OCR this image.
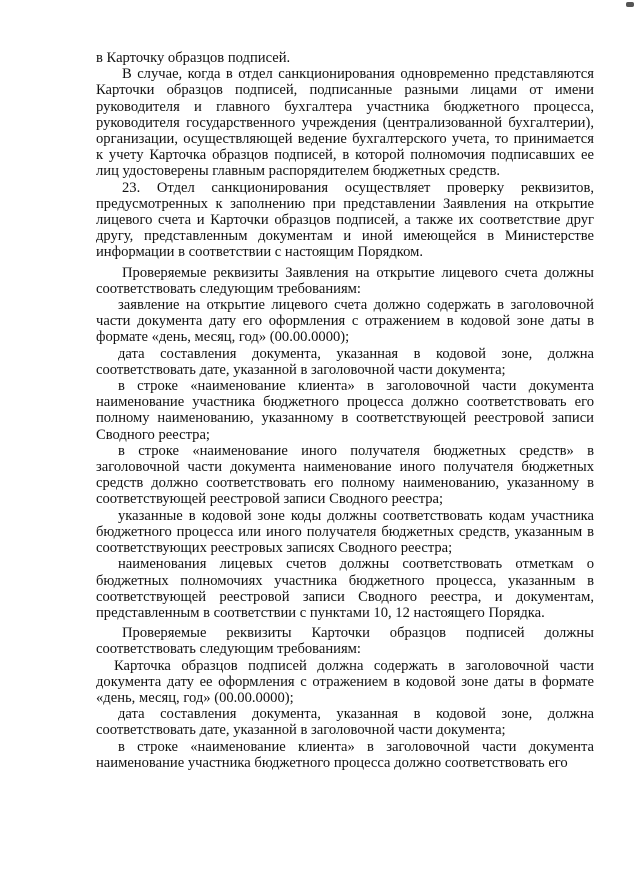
в Карточку образцов подписей.

В случае, когда в отдел санкционирования одновременно представляются Карточки образцов подписей, подписанные разными лицами от имени руководителя и главного бухгалтера участника бюджетного процесса, руководителя государственного учреждения (централизованной бухгалтерии), организации, осуществляющей ведение бухгалтерского учета, то принимается к учету Карточка образцов подписей, в которой полномочия подписавших ее лиц удостоверены главным распорядителем бюджетных средств.

23. Отдел санкционирования осуществляет проверку реквизитов, предусмотренных к заполнению при представлении Заявления на открытие лицевого счета и Карточки образцов подписей, а также их соответствие друг другу, представленным документам и иной имеющейся в Министерстве информации в соответствии с настоящим Порядком.

Проверяемые реквизиты Заявления на открытие лицевого счета должны соответствовать следующим требованиям:

заявление на открытие лицевого счета должно содержать в заголовочной части документа дату его оформления с отражением в кодовой зоне даты в формате «день, месяц, год» (00.00.0000);

дата составления документа, указанная в кодовой зоне, должна соответствовать дате, указанной в заголовочной части документа;

в строке «наименование клиента» в заголовочной части документа наименование участника бюджетного процесса должно соответствовать его полному наименованию, указанному в соответствующей реестровой записи Сводного реестра;

в строке «наименование иного получателя бюджетных средств» в заголовочной части документа наименование иного получателя бюджетных средств должно соответствовать его полному наименованию, указанному в соответствующей реестровой записи Сводного реестра;

указанные в кодовой зоне коды должны соответствовать кодам участника бюджетного процесса или иного получателя бюджетных средств, указанным в соответствующих реестровых записях Сводного реестра;

наименования лицевых счетов должны соответствовать отметкам о бюджетных полномочиях участника бюджетного процесса, указанным в соответствующей реестровой записи Сводного реестра, и документам, представленным в соответствии с пунктами 10, 12 настоящего Порядка.

Проверяемые реквизиты Карточки образцов подписей должны соответствовать следующим требованиям:

Карточка образцов подписей должна содержать в заголовочной части документа дату ее оформления с отражением в кодовой зоне даты в формате «день, месяц, год» (00.00.0000);

дата составления документа, указанная в кодовой зоне, должна соответствовать дате, указанной в заголовочной части документа;

в строке «наименование клиента» в заголовочной части документа наименование участника бюджетного процесса должно соответствовать его
